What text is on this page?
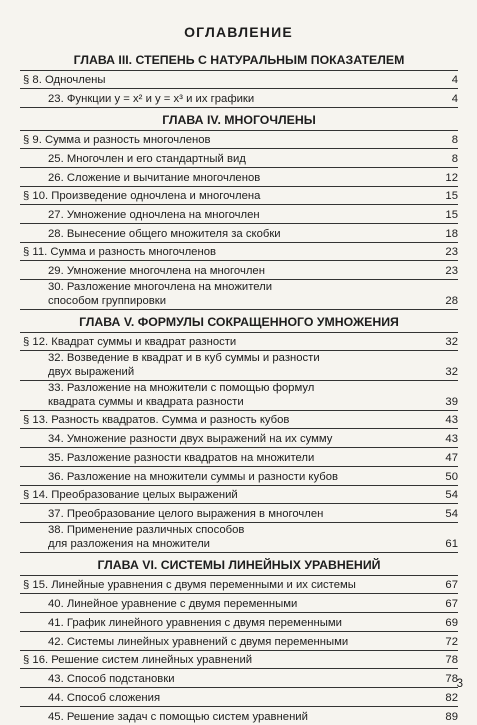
ОГЛАВЛЕНИЕ
ГЛАВА III. СТЕПЕНЬ С НАТУРАЛЬНЫМ ПОКАЗАТЕЛЕМ
§ 8. Одночлены	4
23. Функции y = x² и y = x³ и их графики	4
ГЛАВА IV. МНОГОЧЛЕНЫ
§ 9. Сумма и разность многочленов	8
25. Многочлен и его стандартный вид	8
26. Сложение и вычитание многочленов	12
§ 10. Произведение одночлена и многочлена	15
27. Умножение одночлена на многочлен	15
28. Вынесение общего множителя за скобки	18
§ 11. Сумма и разность многочленов	23
29. Умножение многочлена на многочлен	23
30. Разложение многочлена на множители
способом группировки	28
ГЛАВА V. ФОРМУЛЫ СОКРАЩЕННОГО УМНОЖЕНИЯ
§ 12. Квадрат суммы и квадрат разности	32
32. Возведение в квадрат и в куб суммы и разности
двух выражений	32
33. Разложение на множители с помощью формул
квадрата суммы и квадрата разности	39
§ 13. Разность квадратов. Сумма и разность кубов	43
34. Умножение разности двух выражений на их сумму	43
35. Разложение разности квадратов на множители	47
36. Разложение на множители суммы и разности кубов	50
§ 14. Преобразование целых выражений	54
37. Преобразование целого выражения в многочлен	54
38. Применение различных способов
для разложения на множители	61
ГЛАВА VI. СИСТЕМЫ ЛИНЕЙНЫХ УРАВНЕНИЙ
§ 15. Линейные уравнения с двумя переменными и их системы	67
40. Линейное уравнение с двумя переменными	67
41. График линейного уравнения с двумя переменными	69
42. Системы линейных уравнений с двумя переменными	72
§ 16. Решение систем линейных уравнений	78
43. Способ подстановки	78
44. Способ сложения	82
45. Решение задач с помощью систем уравнений	89
3
